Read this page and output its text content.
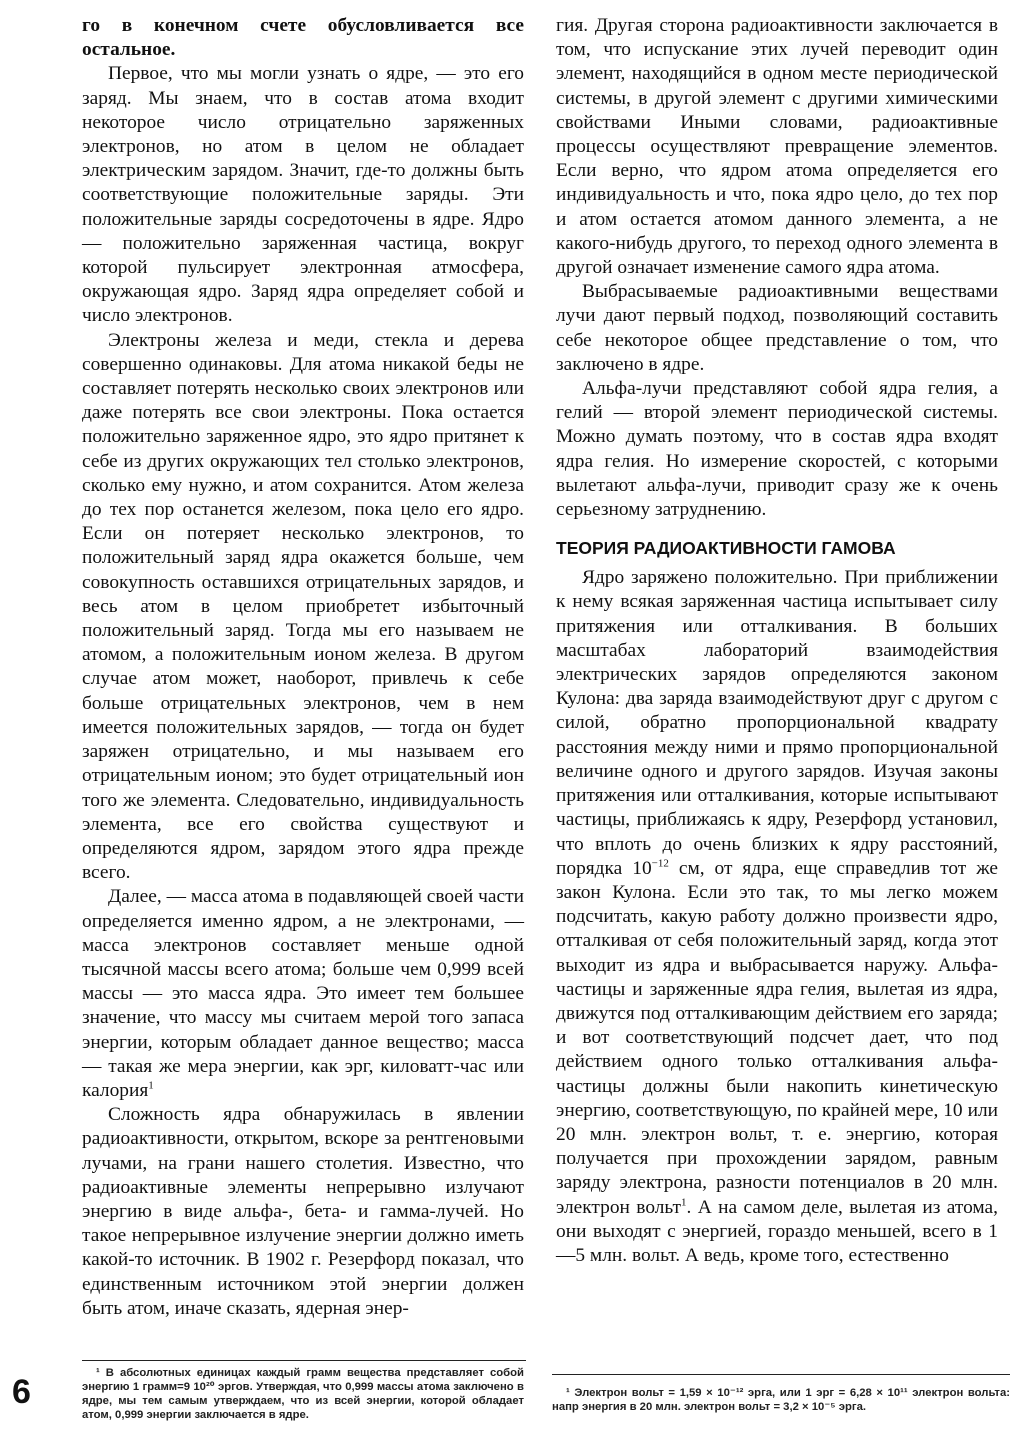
го в конечном счете обусловливается все остальное.

Первое, что мы могли узнать о ядре, — это его заряд. Мы знаем, что в состав атома входит некоторое число отрицательно заряженных электронов, но атом в целом не обладает электрическим зарядом. Значит, где-то должны быть соответствующие положительные заряды. Эти положительные заряды сосредоточены в ядре. Ядро — положительно заряженная частица, вокруг которой пульсирует электронная атмосфера, окружающая ядро. Заряд ядра определяет собой и число электронов.

Электроны железа и меди, стекла и дерева совершенно одинаковы. Для атома никакой беды не составляет потерять несколько своих электронов или даже потерять все свои электроны. Пока остается положительно заряженное ядро, это ядро притянет к себе из других окружающих тел столько электронов, сколько ему нужно, и атом сохранится. Атом железа до тех пор останется железом, пока цело его ядро. Если он потеряет несколько электронов, то положительный заряд ядра окажется больше, чем совокупность оставшихся отрицательных зарядов, и весь атом в целом приобретет избыточный положительный заряд. Тогда мы его называем не атомом, а положительным ионом железа. В другом случае атом может, наоборот, привлечь к себе больше отрицательных электронов, чем в нем имеется положительных зарядов, — тогда он будет заряжен отрицательно, и мы называем его отрицательным ионом; это будет отрицательный ион того же элемента. Следовательно, индивидуальность элемента, все его свойства существуют и определяются ядром, зарядом этого ядра прежде всего.

Далее, — масса атома в подавляющей своей части определяется именно ядром, а не электронами, — масса электронов составляет меньше одной тысячной массы всего атома; больше чем 0,999 всей массы — это масса ядра. Это имеет тем большее значение, что массу мы считаем мерой того запаса энергии, которым обладает данное вещество; масса — такая же мера энергии, как эрг, киловатт-час или калория$^1$

Сложность ядра обнаружилась в явлении радиоактивности, открытом, вскоре за рентгеновыми лучами, на грани нашего столетия. Известно, что радиоактивные элементы непрерывно излучают энергию в виде альфа-, бета- и гамма-лучей. Но такое непрерывное излучение энергии должно иметь какой-то источник. В 1902 г. Резерфорд показал, что единственным источником этой энергии должен быть атом, иначе сказать, ядерная энер-

гия. Другая сторона радиоактивности заключается в том, что испускание этих лучей переводит один элемент, находящийся в одном месте периодической системы, в другой элемент с другими химическими свойствами Иными словами, радиоактивные процессы осуществляют превращение элементов. Если верно, что ядром атома определяется его индивидуальность и что, пока ядро цело, до тех пор и атом остается атомом данного элемента, а не какого-нибудь другого, то переход одного элемента в другой означает изменение самого ядра атома.

Выбрасываемые радиоактивными веществами лучи дают первый подход, позволяющий составить себе некоторое общее представление о том, что заключено в ядре.

Альфа-лучи представляют собой ядра гелия, а гелий — второй элемент периодической системы. Можно думать поэтому, что в состав ядра входят ядра гелия. Но измерение скоростей, с которыми вылетают альфа-лучи, приводит сразу же к очень серьезному затруднению.

ТЕОРИЯ РАДИОАКТИВНОСТИ ГАМОВА

Ядро заряжено положительно. При приближении к нему всякая заряженная частица испытывает силу притяжения или отталкивания. В больших масштабах лабораторий взаимодействия электрических зарядов определяются законом Кулона: два заряда взаимодействуют друг с другом с силой, обратно пропорциональной квадрату расстояния между ними и прямо пропорциональной величине одного и другого зарядов. Изучая законы притяжения или отталкивания, которые испытывают частицы, приближаясь к ядру, Резерфорд установил, что вплоть до очень близких к ядру расстояний, порядка $10^{-12}$ см, от ядра, еще справедлив тот же закон Кулона. Если это так, то мы легко можем подсчитать, какую работу должно произвести ядро, отталкивая от себя положительный заряд, когда этот выходит из ядра и выбрасывается наружу. Альфа-частицы и заряженные ядра гелия, вылетая из ядра, движутся под отталкивающим действием его заряда; и вот соответствующий подсчет дает, что под действием одного только отталкивания альфа-частицы должны были накопить кинетическую энергию, соответствующую, по крайней мере, 10 или 20 млн. электрон вольт, т. е. энергию, которая получается при прохождении зарядом, равным заряду электрона, разности потенциалов в 20 млн. электрон вольт$^1$. А на самом деле, вылетая из атома, они выходят с энергией, гораздо меньшей, всего в 1—5 млн. вольт. А ведь, кроме того, естественно

¹ В абсолютных единицах каждый грамм вещества представляет собой энергию 1 грамм=9 10²⁰ эргов. Утверждая, что 0,999 массы атома заключено в ядре, мы тем самым утверждаем, что из всей энергии, которой обладает атом, 0,999 энергии заключается в ядре.

¹ Электрон вольт = 1,59 × 10⁻¹² эрга, или 1 эрг = 6,28 × 10¹¹ электрон вольта: напр энергия в 20 млн. электрон вольт = 3,2 × 10⁻⁵ эрга.

6
